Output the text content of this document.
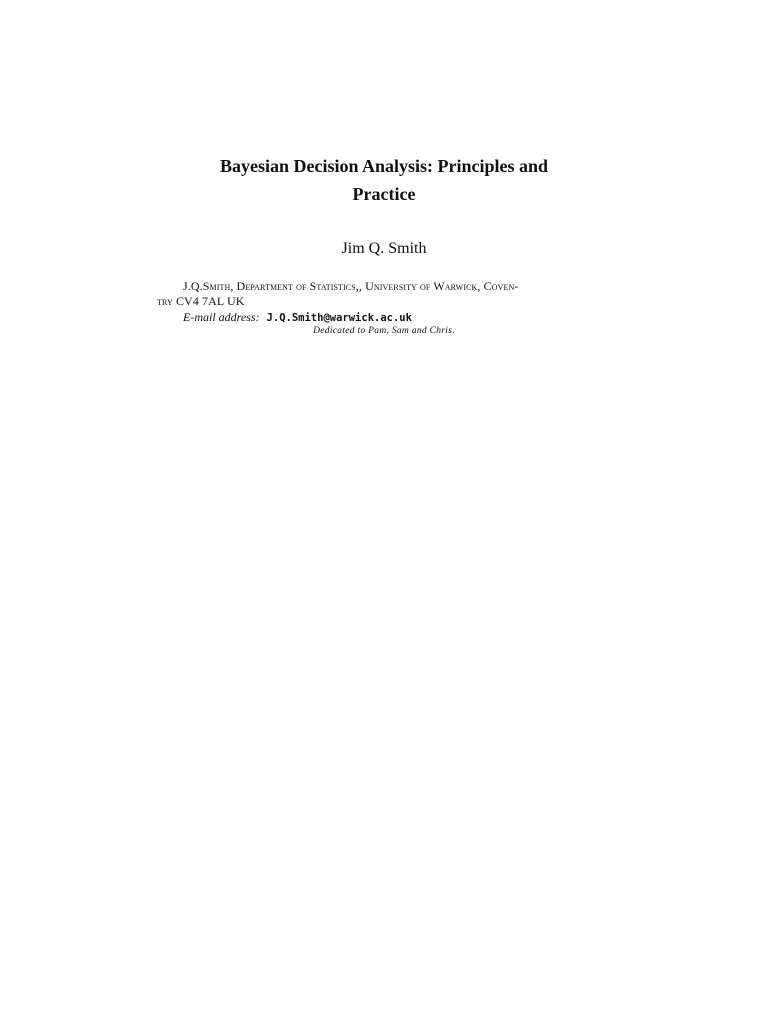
Bayesian Decision Analysis: Principles and
Practice
Jim Q. Smith
J.Q.Smith, Department of Statistics,, University of Warwick, Coven-
try CV4 7AL UK
E-mail address: J.Q.Smith@warwick.ac.uk
Dedicated to Pam, Sam and Chris.
